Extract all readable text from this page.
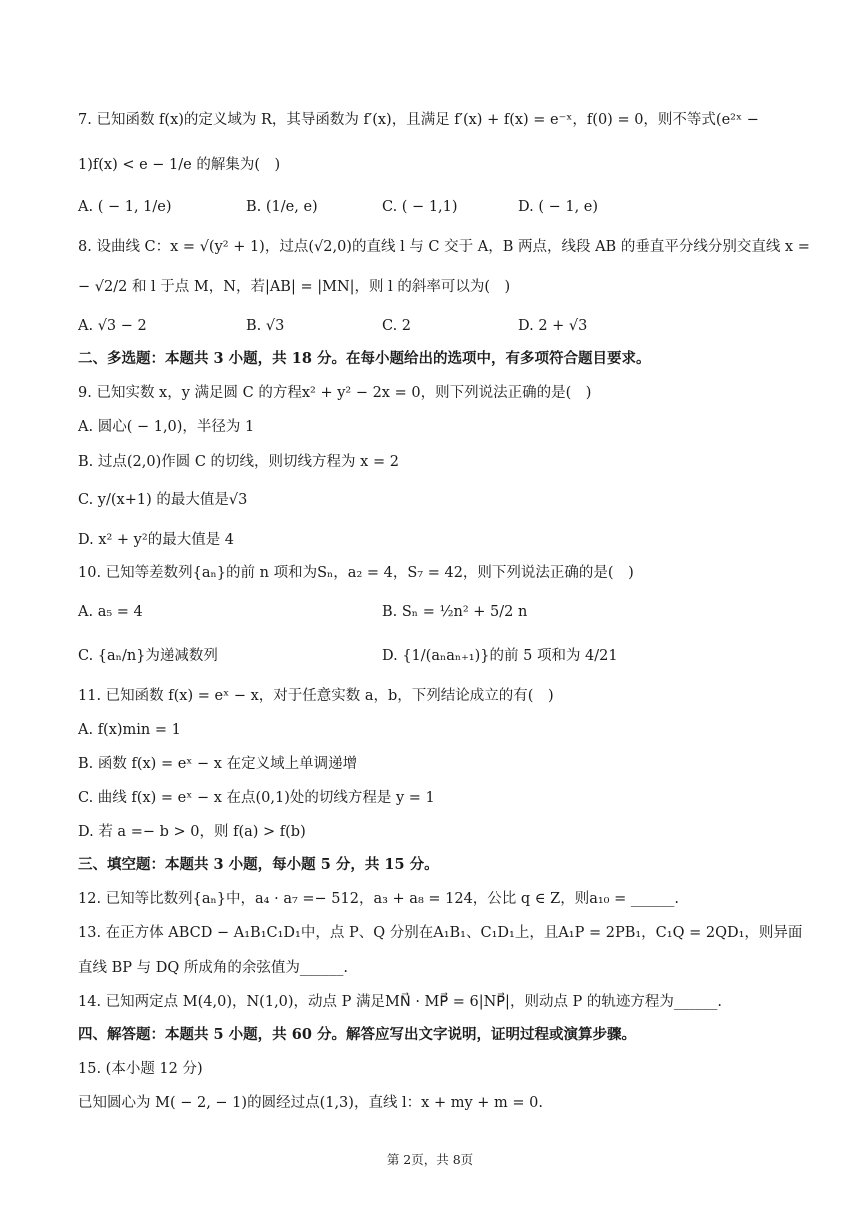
7. 已知函数 f(x)的定义域为 R，其导函数为 f′(x)，且满足 f′(x) + f(x) = e⁻ˣ，f(0) = 0，则不等式(e²ˣ −
1)f(x) < e − 1/e 的解集为(　)
A. ( − 1, 1/e)	B. (1/e, e)	C. ( − 1,1)	D. ( − 1, e)
8. 设曲线 C：x = √(y² + 1)，过点(√2,0)的直线 l 与 C 交于 A，B 两点，线段 AB 的垂直平分线分别交直线 x =
− √2/2 和 l 于点 M，N，若|AB| = |MN|，则 l 的斜率可以为(　)
A. √3 − 2	B. √3	C. 2	D. 2 + √3
二、多选题：本题共 3 小题，共 18 分。在每小题给出的选项中，有多项符合题目要求。
9. 已知实数 x，y 满足圆 C 的方程x² + y² − 2x = 0，则下列说法正确的是(　)
A. 圆心( − 1,0)，半径为 1
B. 过点(2,0)作圆 C 的切线，则切线方程为 x = 2
C. y/(x+1) 的最大值是√3
D. x² + y²的最大值是 4
10. 已知等差数列{aₙ}的前 n 项和为Sₙ，a₂ = 4，S₇ = 42，则下列说法正确的是(　)
A. a₅ = 4	B. Sₙ = ½n² + 5/2 n
C. {aₙ/n}为递减数列	D. {1/(aₙaₙ₊₁)}的前 5 项和为 4/21
11. 已知函数 f(x) = eˣ − x，对于任意实数 a，b，下列结论成立的有(　)
A. f(x)min = 1
B. 函数 f(x) = eˣ − x 在定义域上单调递增
C. 曲线 f(x) = eˣ − x 在点(0,1)处的切线方程是 y = 1
D. 若 a =− b > 0，则 f(a) > f(b)
三、填空题：本题共 3 小题，每小题 5 分，共 15 分。
12. 已知等比数列{aₙ}中，a₄ · a₇ =− 512，a₃ + a₈ = 124，公比 q ∈ Z，则a₁₀ = ______.
13. 在正方体 ABCD − A₁B₁C₁D₁中，点 P、Q 分别在A₁B₁、C₁D₁上，且A₁P = 2PB₁，C₁Q = 2QD₁，则异面
直线 BP 与 DQ 所成角的余弦值为______.
14. 已知两定点 M(4,0)，N(1,0)，动点 P 满足MN⃗ · MP⃗ = 6|NP⃗|，则动点 P 的轨迹方程为______.
四、解答题：本题共 5 小题，共 60 分。解答应写出文字说明，证明过程或演算步骤。
15. (本小题 12 分)
已知圆心为 M( − 2, − 1)的圆经过点(1,3)，直线 l：x + my + m = 0.
第 2页，共 8页
